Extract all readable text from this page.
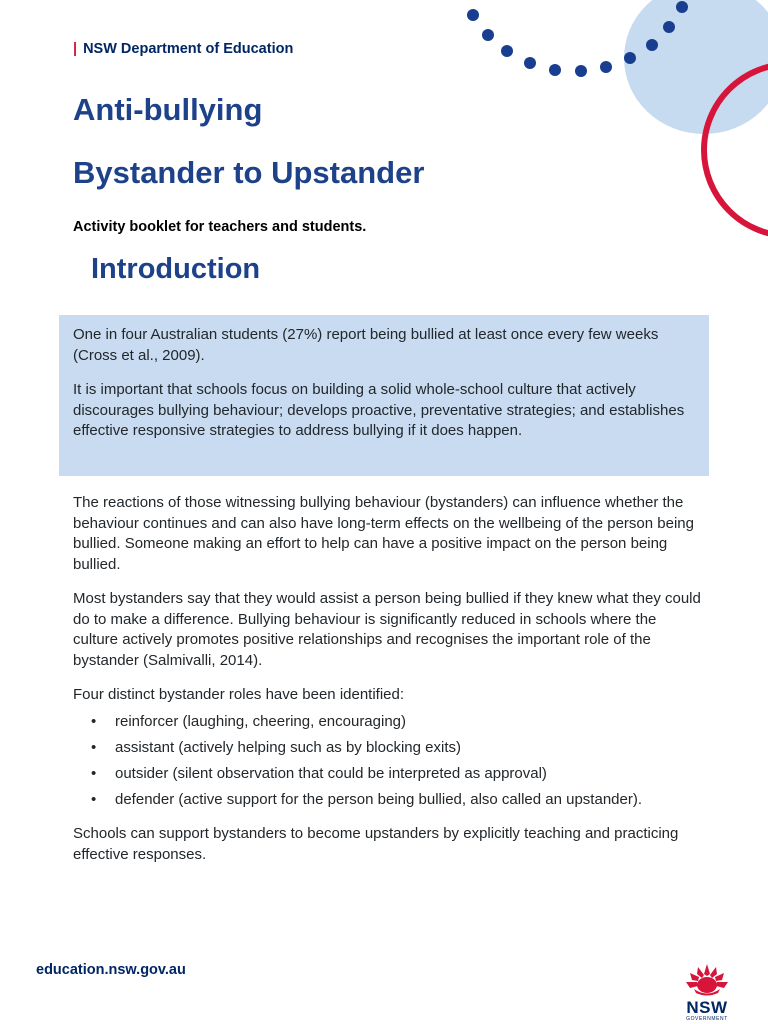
| NSW Department of Education
Anti-bullying
Bystander to Upstander
Activity booklet for teachers and students.
Introduction

One in four Australian students (27%) report being bullied at least once every few weeks (Cross et al., 2009).

It is important that schools focus on building a solid whole-school culture that actively discourages bullying behaviour; develops proactive, preventative strategies; and establishes effective responsive strategies to address bullying if it does happen.

The reactions of those witnessing bullying behaviour (bystanders) can influence whether the behaviour continues and can also have long-term effects on the wellbeing of the person being bullied. Someone making an effort to help can have a positive impact on the person being bullied.

Most bystanders say that they would assist a person being bullied if they knew what they could do to make a difference. Bullying behaviour is significantly reduced in schools where the culture actively promotes positive relationships and recognises the important role of the bystander (Salmivalli, 2014).

Four distinct bystander roles have been identified:

• reinforcer (laughing, cheering, encouraging)
• assistant (actively helping such as by blocking exits)
• outsider (silent observation that could be interpreted as approval)
• defender (active support for the person being bullied, also called an upstander).

Schools can support bystanders to become upstanders by explicitly teaching and practicing effective responses.

education.nsw.gov.au
NSW
GOVERNMENT
